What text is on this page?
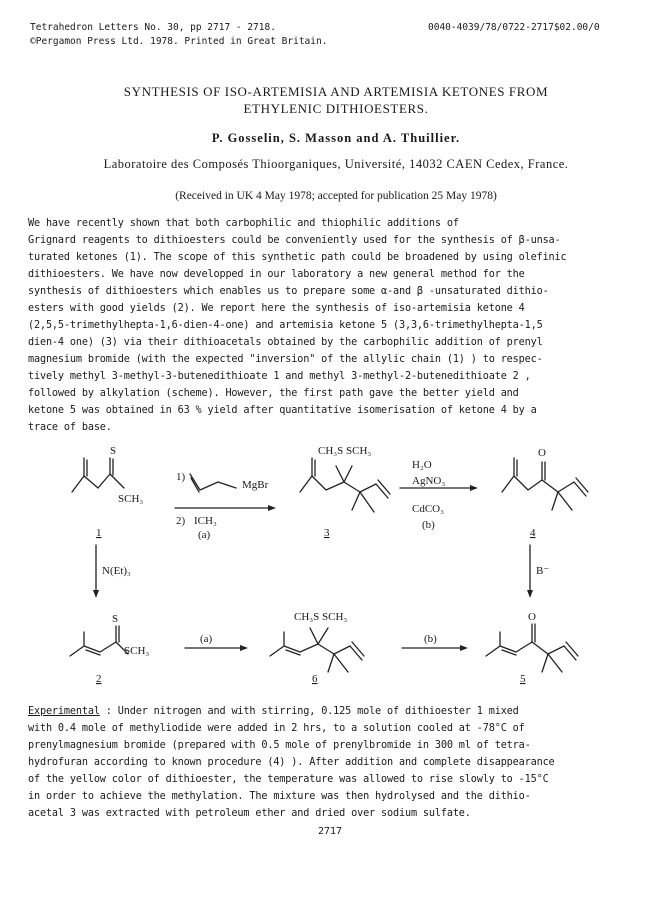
Tetrahedron Letters No. 30, pp 2717 - 2718.
©Pergamon Press Ltd. 1978. Printed in Great Britain.
0040-4039/78/0722-2717$02.00/0
SYNTHESIS OF ISO-ARTEMISIA AND ARTEMISIA KETONES FROM
ETHYLENIC DITHIOESTERS.
P. Gosselin, S. Masson and A. Thuillier.
Laboratoire des Composés Thioorganiques, Université, 14032 CAEN Cedex, France.
(Received in UK 4 May 1978; accepted for publication 25 May 1978)
We have recently shown that both carbophilic and thiophilic additions of
Grignard reagents to dithioesters could be conveniently used for the synthesis of β-unsa-
turated ketones (1). The scope of this synthetic path could be broadened by using olefinic
dithioesters. We have now developped in our laboratory a new general method for the
synthesis of dithioesters which enables us to prepare some α-and β -unsaturated dithio-
esters with good yields (2). We report here the synthesis of iso-artemisia ketone 4
(2,5,5-trimethylhepta-1,6-dien-4-one) and artemisia ketone 5 (3,3,6-trimethylhepta-1,5
dien-4 one) (3) via their dithioacetals obtained by the carbophilic addition of prenyl
magnesium bromide (with the expected "inversion" of the allylic chain (1) ) to respec-
tively methyl 3-methyl-3-butenedithioate 1 and methyl 3-methyl-2-butenedithioate 2 ,
followed by alkylation (scheme). However, the first path gave the better yield and
ketone 5 was obtained in 63 % yield after quantitative isomerisation of ketone 4 by a
trace of base.
S
SCH₃
1)
MgBr
2) ICH₃
(a)
CH₃S SCH₃
H₂O
AgNO₃
CdCO₃
(b)
O
N(Et)₃	B⁻
S
SCH₃
(a)
CH₃S SCH₃
(b)
O
1	3	4
2	6	5
Experimental : Under nitrogen and with stirring, 0.125 mole of dithioester 1 mixed
with 0.4 mole of methyliodide were added in 2 hrs, to a solution cooled at -78°C of
prenylmagnesium bromide (prepared with 0.5 mole of prenylbromide in 300 ml of tetra-
hydrofuran according to known procedure (4) ). After addition and complete disappearance
of the yellow color of dithioester, the temperature was allowed to rise slowly to -15°C
in order to achieve the methylation. The mixture was then hydrolysed and the dithio-
acetal 3 was extracted with petroleum ether and dried over sodium sulfate.
2717
